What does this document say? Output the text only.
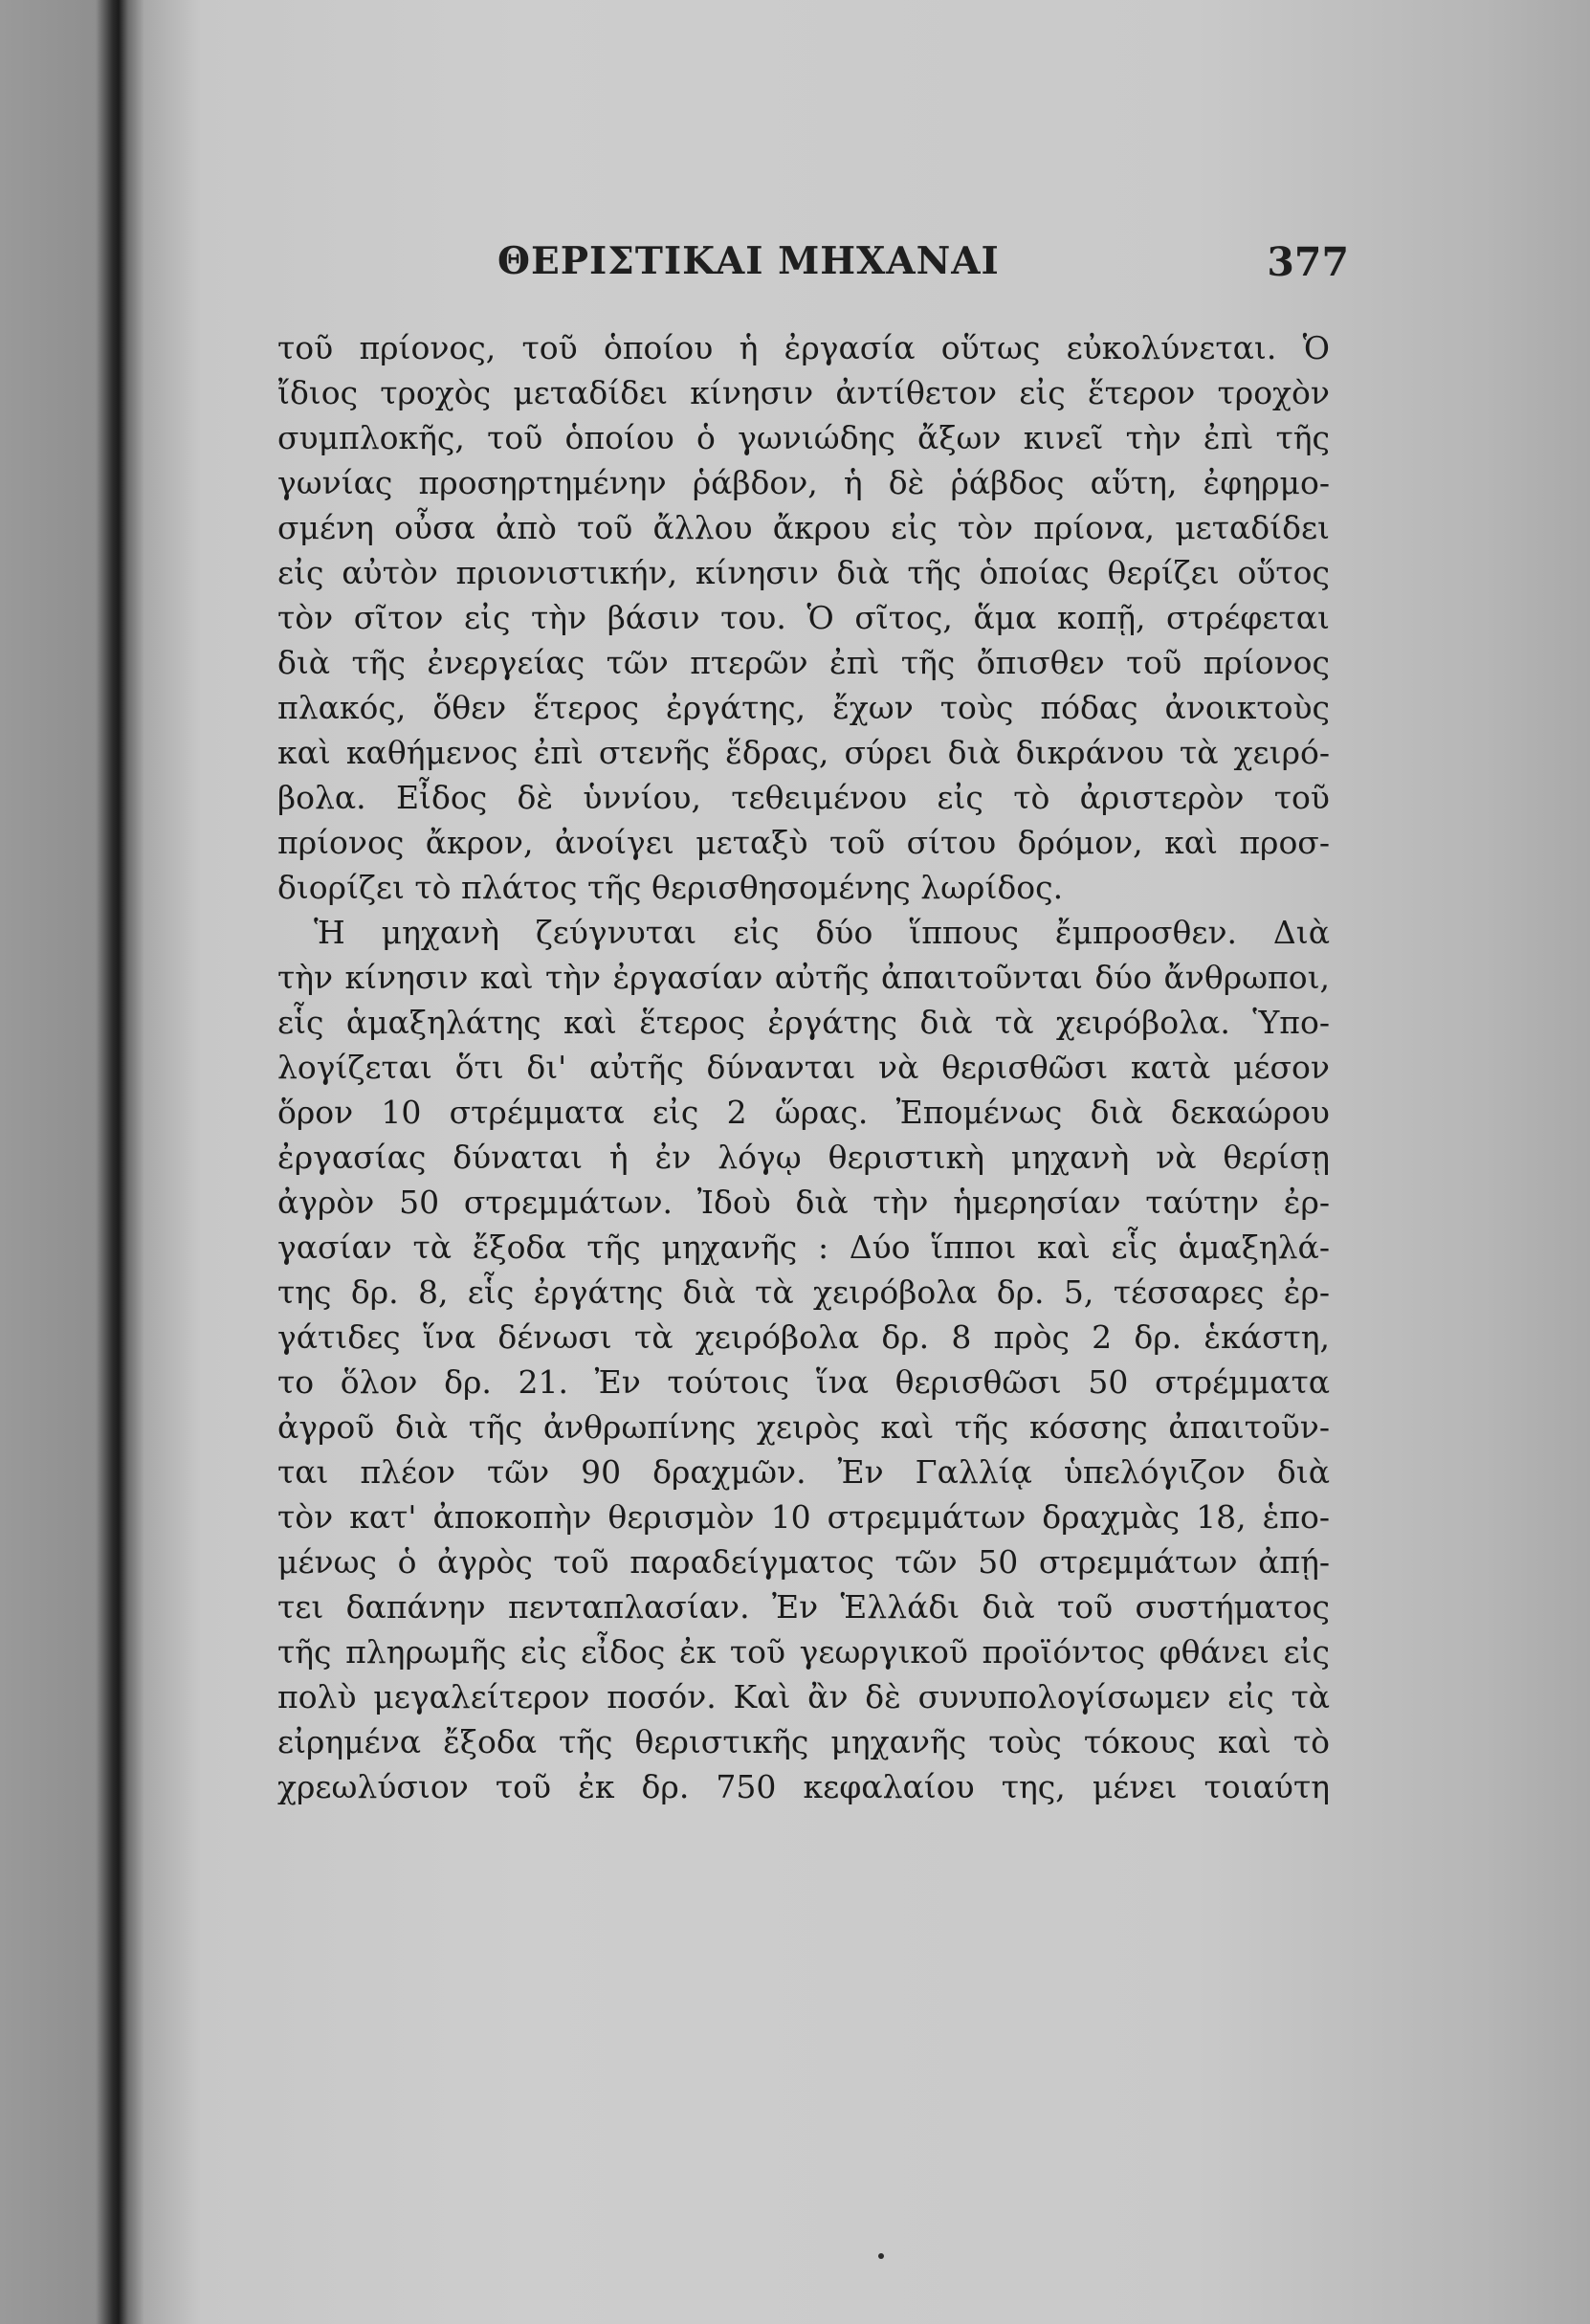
ΘΕΡΙΣΤΙΚΑΙ ΜΗΧΑΝΑΙ	377
τοῦ πρίονος, τοῦ ὁποίου ἡ ἐργασία οὕτως εὐκολύνεται. Ὁ
ἴδιος τροχὸς μεταδίδει κίνησιν ἀντίθετον εἰς ἕτερον τροχὸν
συμπλοκῆς, τοῦ ὁποίου ὁ γωνιώδης ἄξων κινεῖ τὴν ἐπὶ τῆς
γωνίας προσηρτημένην ῥάβδον, ἡ δὲ ῥάβδος αὕτη, ἐφηρμο-
σμένη οὖσα ἀπὸ τοῦ ἄλλου ἄκρου εἰς τὸν πρίονα, μεταδίδει
εἰς αὐτὸν πριονιστικήν, κίνησιν διὰ τῆς ὁποίας θερίζει οὕτος
τὸν σῖτον εἰς τὴν βάσιν του. Ὁ σῖτος, ἅμα κοπῇ, στρέφεται
διὰ τῆς ἐνεργείας τῶν πτερῶν ἐπὶ τῆς ὄπισθεν τοῦ πρίονος
πλακός, ὅθεν ἕτερος ἐργάτης, ἔχων τοὺς πόδας ἀνοικτοὺς
καὶ καθήμενος ἐπὶ στενῆς ἕδρας, σύρει διὰ δικράνου τὰ χειρό-
βολα. Εἶδος δὲ ὑννίου, τεθειμένου εἰς τὸ ἀριστερὸν τοῦ
πρίονος ἄκρον, ἀνοίγει μεταξὺ τοῦ σίτου δρόμον, καὶ προσ-
διορίζει τὸ πλάτος τῆς θερισθησομένης λωρίδος.
Ἡ μηχανὴ ζεύγνυται εἰς δύο ἵππους ἔμπροσθεν. Διὰ
τὴν κίνησιν καὶ τὴν ἐργασίαν αὐτῆς ἀπαιτοῦνται δύο ἄνθρωποι,
εἷς ἁμαξηλάτης καὶ ἕτερος ἐργάτης διὰ τὰ χειρόβολα. Ὑπο-
λογίζεται ὅτι δι' αὐτῆς δύνανται νὰ θερισθῶσι κατὰ μέσον
ὅρον 10 στρέμματα εἰς 2 ὥρας. Ἐπομένως διὰ δεκαώρου
ἐργασίας δύναται ἡ ἐν λόγῳ θεριστικὴ μηχανὴ νὰ θερίσῃ
ἀγρὸν 50 στρεμμάτων. Ἰδοὺ διὰ τὴν ἡμερησίαν ταύτην ἐρ-
γασίαν τὰ ἔξοδα τῆς μηχανῆς : Δύο ἵπποι καὶ εἷς ἁμαξηλά-
της δρ. 8, εἷς ἐργάτης διὰ τὰ χειρόβολα δρ. 5, τέσσαρες ἐρ-
γάτιδες ἵνα δένωσι τὰ χειρόβολα δρ. 8 πρὸς 2 δρ. ἑκάστη,
το ὅλον δρ. 21. Ἐν τούτοις ἵνα θερισθῶσι 50 στρέμματα
ἀγροῦ διὰ τῆς ἀνθρωπίνης χειρὸς καὶ τῆς κόσσης ἀπαιτοῦν-
ται πλέον τῶν 90 δραχμῶν. Ἐν Γαλλίᾳ ὑπελόγιζον διὰ
τὸν κατ' ἀποκοπὴν θερισμὸν 10 στρεμμάτων δραχμὰς 18, ἑπο-
μένως ὁ ἀγρὸς τοῦ παραδείγματος τῶν 50 στρεμμάτων ἀπῄ-
τει δαπάνην πενταπλασίαν. Ἐν Ἑλλάδι διὰ τοῦ συστήματος
τῆς πληρωμῆς εἰς εἶδος ἐκ τοῦ γεωργικοῦ προϊόντος φθάνει εἰς
πολὺ μεγαλείτερον ποσόν. Καὶ ἂν δὲ συνυπολογίσωμεν εἰς τὰ
εἰρημένα ἔξοδα τῆς θεριστικῆς μηχανῆς τοὺς τόκους καὶ τὸ
χρεωλύσιον τοῦ ἐκ δρ. 750 κεφαλαίου της, μένει τοιαύτη
